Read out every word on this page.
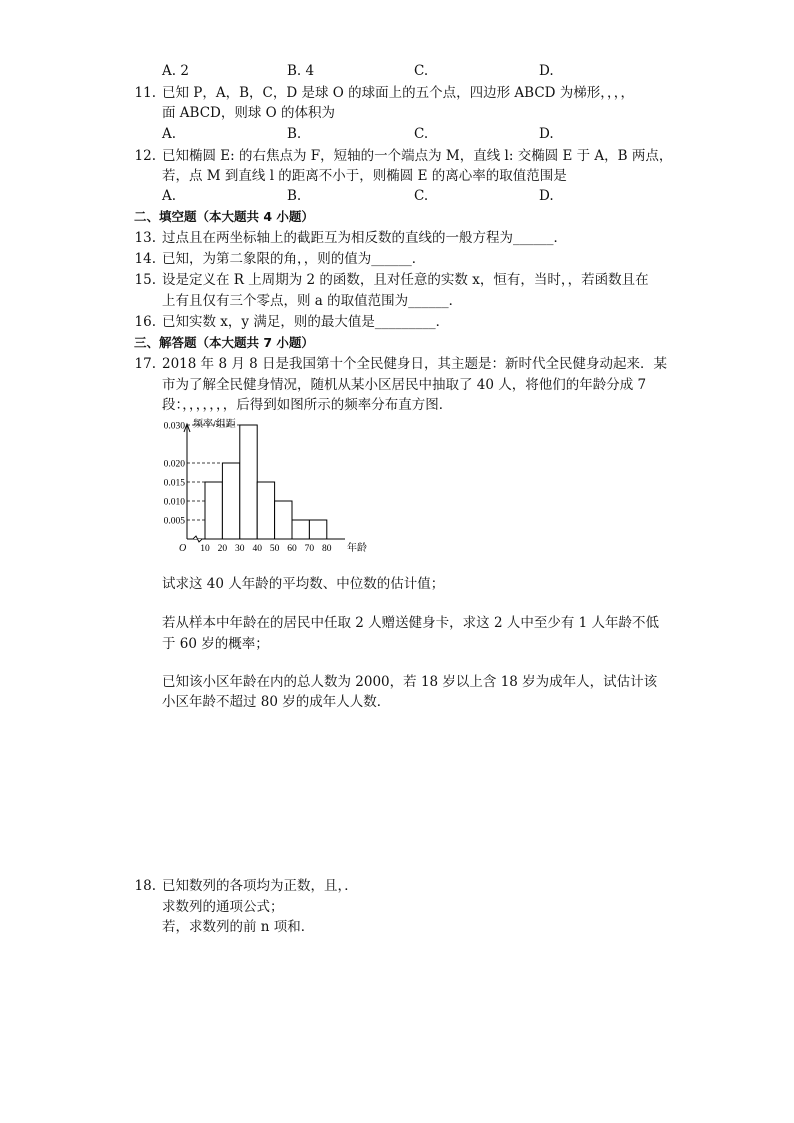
A. 2	B. 4	C.	D.
11. 已知 P，A，B，C，D 是球 O 的球面上的五个点，四边形 ABCD 为梯形，，，，
面 ABCD，则球 O 的体积为
A.	B.	C.	D.
12. 已知椭圆 E: 的右焦点为 F，短轴的一个端点为 M，直线 l: 交椭圆 E 于 A，B 两点，
若，点 M 到直线 l 的距离不小于，则椭圆 E 的离心率的取值范围是
A.	B.	C.	D.
二、填空题（本大题共 4 小题）
13. 过点且在两坐标轴上的截距互为相反数的直线的一般方程为______．
14. 已知，为第二象限的角，，则的值为______．
15. 设是定义在 R 上周期为 2 的函数，且对任意的实数 x，恒有，当时，，若函数且在
上有且仅有三个零点，则 a 的取值范围为______．
16. 已知实数 x，y 满足，则的最大值是_________．
三、解答题（本大题共 7 小题）
17. 2018 年 8 月 8 日是我国第十个全民健身日，其主题是：新时代全民健身动起来．某
市为了解全民健身情况，随机从某小区居民中抽取了 40 人，将他们的年龄分成 7
段：，，，，，，，后得到如图所示的频率分布直方图．
频率/组距
年龄
O
0.030
0.020
0.015
0.010
0.005
10 20 30 40 50 60 70 80
试求这 40 人年龄的平均数、中位数的估计值；
若从样本中年龄在的居民中任取 2 人赠送健身卡，求这 2 人中至少有 1 人年龄不低
于 60 岁的概率；
已知该小区年龄在内的总人数为 2000，若 18 岁以上含 18 岁为成年人，试估计该
小区年龄不超过 80 岁的成年人人数．
18. 已知数列的各项均为正数，且，．
求数列的通项公式；
若，求数列的前 n 项和．
